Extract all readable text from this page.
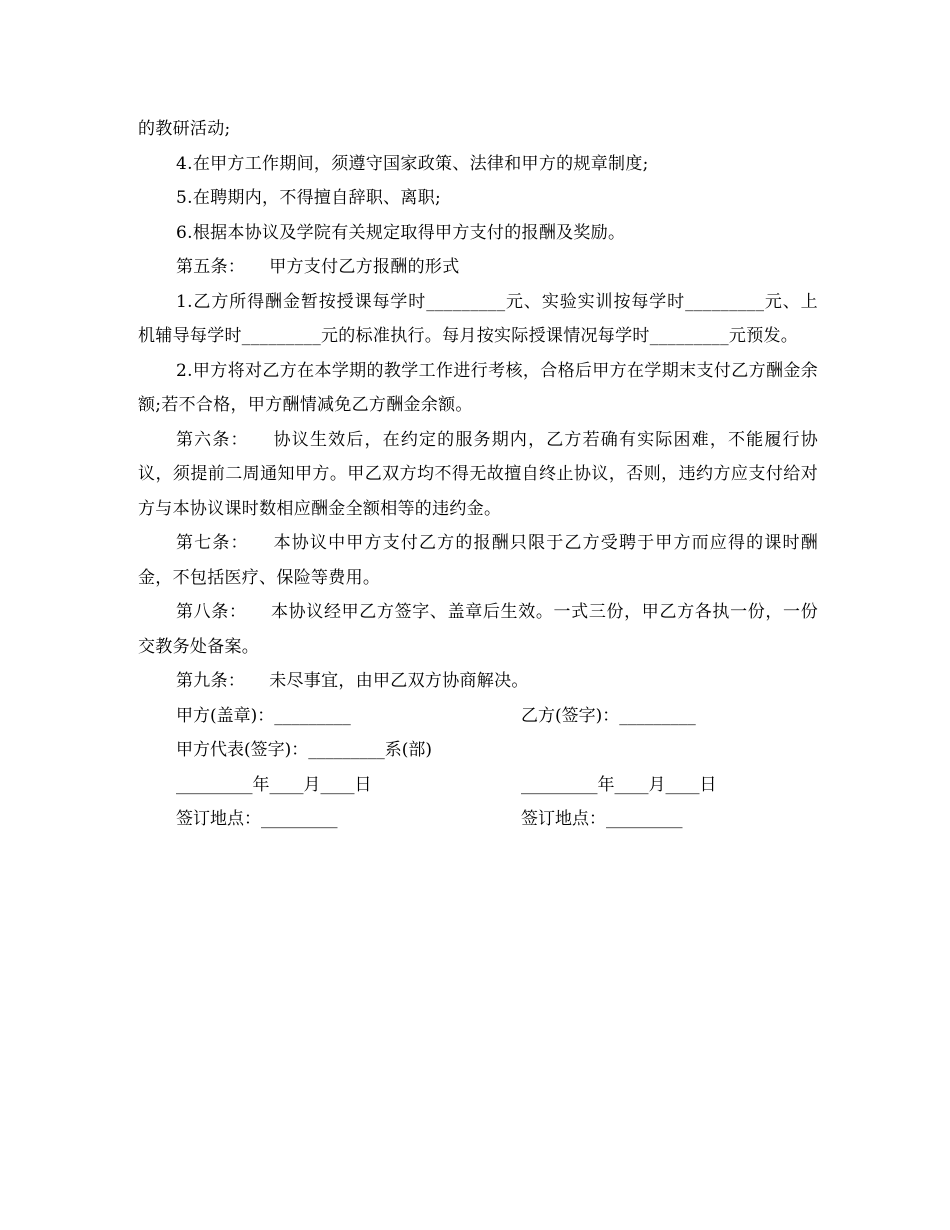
的教研活动;

4.在甲方工作期间，须遵守国家政策、法律和甲方的规章制度;

5.在聘期内，不得擅自辞职、离职;

6.根据本协议及学院有关规定取得甲方支付的报酬及奖励。

第五条： 甲方支付乙方报酬的形式

1.乙方所得酬金暂按授课每学时_________元、实验实训按每学时_________元、上机辅导每学时_________元的标准执行。每月按实际授课情况每学时_________元预发。

2.甲方将对乙方在本学期的教学工作进行考核，合格后甲方在学期末支付乙方酬金余额;若不合格，甲方酬情减免乙方酬金余额。

第六条： 协议生效后，在约定的服务期内，乙方若确有实际困难，不能履行协议，须提前二周通知甲方。甲乙双方均不得无故擅自终止协议，否则，违约方应支付给对方与本协议课时数相应酬金全额相等的违约金。

第七条： 本协议中甲方支付乙方的报酬只限于乙方受聘于甲方而应得的课时酬金，不包括医疗、保险等费用。

第八条： 本协议经甲乙方签字、盖章后生效。一式三份，甲乙方各执一份，一份交教务处备案。

第九条： 未尽事宜，由甲乙双方协商解决。

甲方(盖章)：_________	乙方(签字)：_________
甲方代表(签字)：_________系(部)
_________年____月____日	_________年____月____日
签订地点：_________	签订地点：_________
